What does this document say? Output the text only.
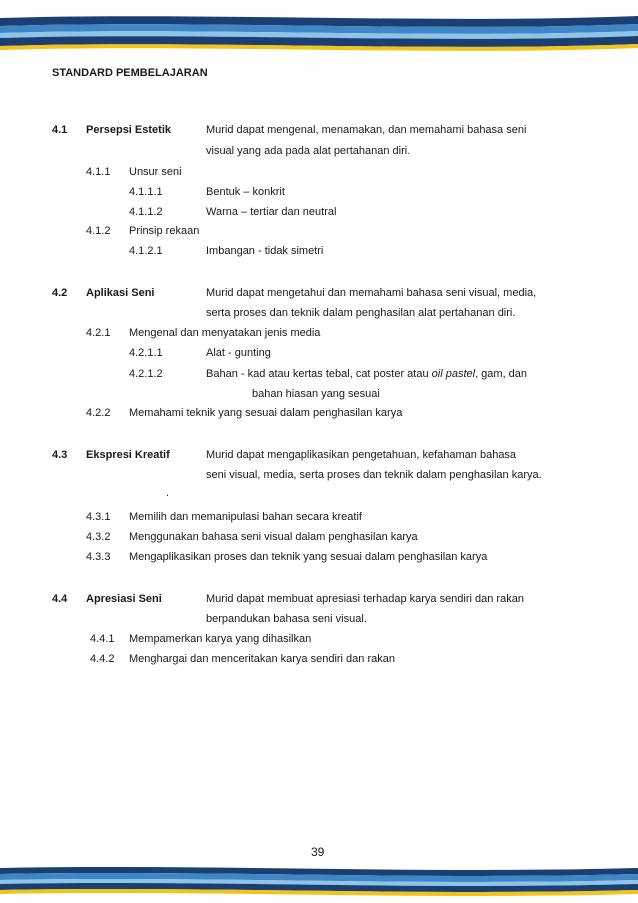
STANDARD PEMBELAJARAN
4.1 Persepsi Estetik	Murid dapat mengenal, menamakan, dan memahami bahasa seni
visual yang ada pada alat pertahanan diri.
4.1.1 Unsur seni
4.1.1.1	Bentuk – konkrit
4.1.1.2	Warna – tertiar dan neutral
4.1.2 Prinsip rekaan
4.1.2.1	Imbangan - tidak simetri
4.2 Aplikasi Seni	Murid dapat mengetahui dan memahami bahasa seni visual, media,
serta proses dan teknik dalam penghasilan alat pertahanan diri.
4.2.1 Mengenal dan menyatakan jenis media
4.2.1.1	Alat - gunting
4.2.1.2	Bahan - kad atau kertas tebal, cat poster atau oil pastel, gam, dan
bahan hiasan yang sesuai
4.2.2 Memahami teknik yang sesuai dalam penghasilan karya
4.3 Ekspresi Kreatif	Murid dapat mengaplikasikan pengetahuan, kefahaman bahasa
seni visual, media, serta proses dan teknik dalam penghasilan karya.
.
4.3.1 Memilih dan memanipulasi bahan secara kreatif
4.3.2 Menggunakan bahasa seni visual dalam penghasilan karya
4.3.3 Mengaplikasikan proses dan teknik yang sesuai dalam penghasilan karya
4.4 Apresiasi Seni	Murid dapat membuat apresiasi terhadap karya sendiri dan rakan
berpandukan bahasa seni visual.
4.4.1 Mempamerkan karya yang dihasilkan
4.4.2 Menghargai dan menceritakan karya sendiri dan rakan
39
